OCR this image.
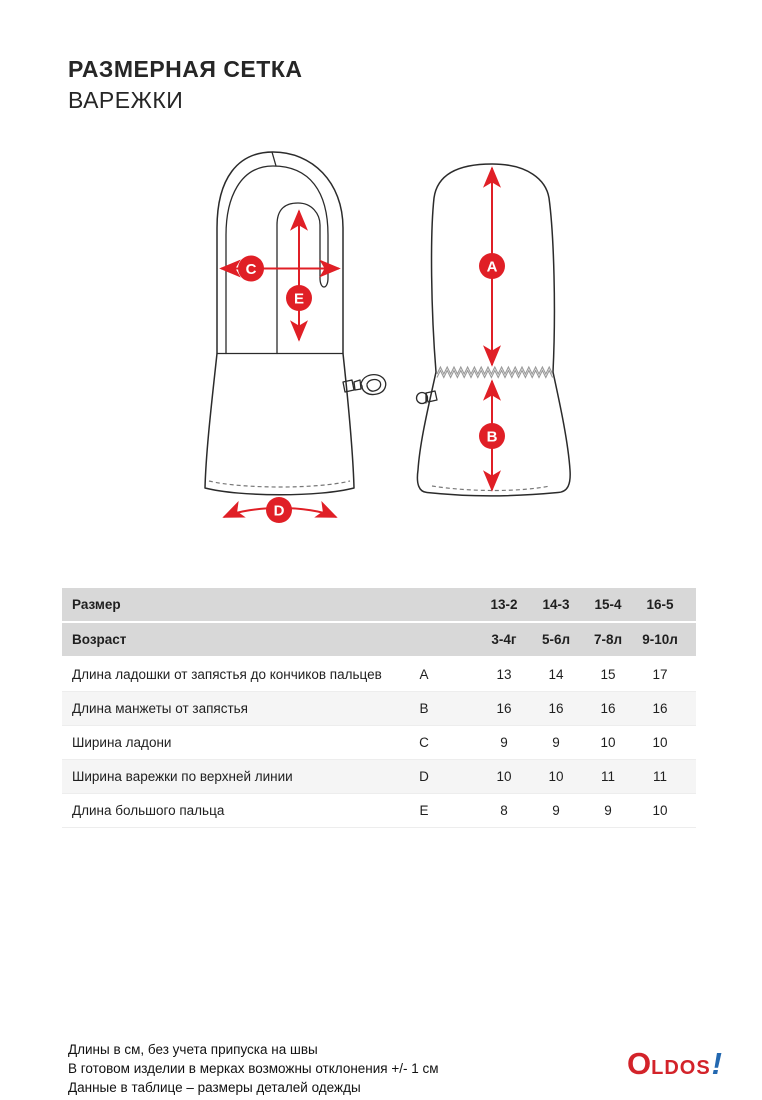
РАЗМЕРНАЯ СЕТКА
ВАРЕЖКИ
A
B
C
D
E
Размер	13-2	14-3	15-4	16-5
Возраст	3-4г	5-6л	7-8л	9-10л
Длина ладошки от запястья до кончиков пальцев	A	13	14	15	17
Длина манжеты от запястья	B	16	16	16	16
Ширина ладони	C	9	9	10	10
Ширина варежки по верхней линии	D	10	10	11	11
Длина большого пальца	E	8	9	9	10
Длины в см, без учета припуска на швы
В готовом изделии в мерках возможны отклонения +/- 1 см
Данные в таблице – размеры деталей одежды
O LDOS !
